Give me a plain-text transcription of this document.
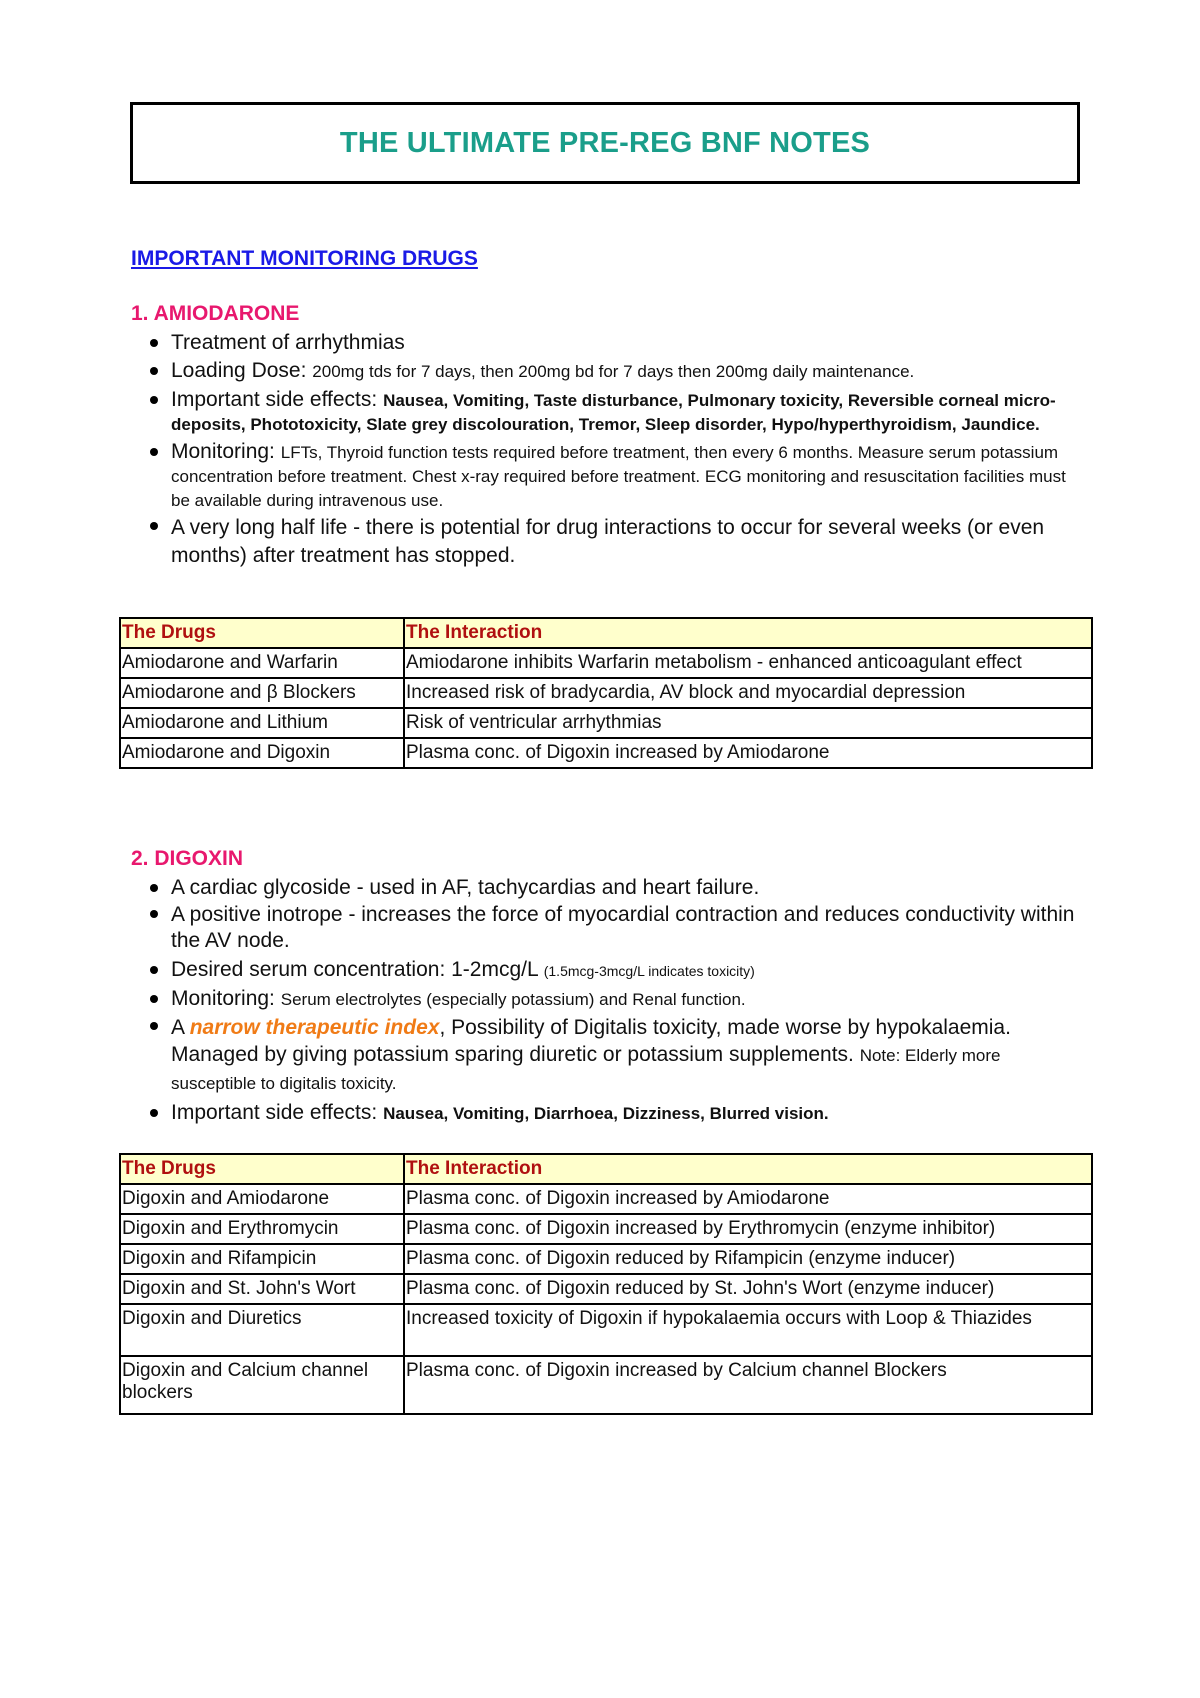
THE ULTIMATE PRE-REG BNF NOTES
IMPORTANT MONITORING DRUGS
1. AMIODARONE
Treatment of arrhythmias
Loading Dose: 200mg tds for 7 days, then 200mg bd for 7 days then 200mg daily maintenance.
Important side effects: Nausea, Vomiting, Taste disturbance, Pulmonary toxicity, Reversible corneal micro-deposits, Phototoxicity, Slate grey discolouration, Tremor, Sleep disorder, Hypo/hyperthyroidism, Jaundice.
Monitoring: LFTs, Thyroid function tests required before treatment, then every 6 months. Measure serum potassium concentration before treatment. Chest x-ray required before treatment. ECG monitoring and resuscitation facilities must be available during intravenous use.
A very long half life - there is potential for drug interactions to occur for several weeks (or even months) after treatment has stopped.
The Drugs	The Interaction
Amiodarone and Warfarin	Amiodarone inhibits Warfarin metabolism - enhanced anticoagulant effect
Amiodarone and β Blockers	Increased risk of bradycardia, AV block and myocardial depression
Amiodarone and Lithium	Risk of ventricular arrhythmias
Amiodarone and Digoxin	Plasma conc. of Digoxin increased by Amiodarone
2. DIGOXIN
A cardiac glycoside - used in AF, tachycardias and heart failure.
A positive inotrope - increases the force of myocardial contraction and reduces conductivity within the AV node.
Desired serum concentration: 1-2mcg/L (1.5mcg-3mcg/L indicates toxicity)
Monitoring: Serum electrolytes (especially potassium) and Renal function.
A narrow therapeutic index, Possibility of Digitalis toxicity, made worse by hypokalaemia. Managed by giving potassium sparing diuretic or potassium supplements. Note: Elderly more susceptible to digitalis toxicity.
Important side effects: Nausea, Vomiting, Diarrhoea, Dizziness, Blurred vision.
The Drugs	The Interaction
Digoxin and Amiodarone	Plasma conc. of Digoxin increased by Amiodarone
Digoxin and Erythromycin	Plasma conc. of Digoxin increased by Erythromycin (enzyme inhibitor)
Digoxin and Rifampicin	Plasma conc. of Digoxin reduced by Rifampicin (enzyme inducer)
Digoxin and St. John's Wort	Plasma conc. of Digoxin reduced by St. John's Wort (enzyme inducer)
Digoxin and Diuretics	Increased toxicity of Digoxin if hypokalaemia occurs with Loop & Thiazides
Digoxin and Calcium channel blockers	Plasma conc. of Digoxin increased by Calcium channel Blockers
